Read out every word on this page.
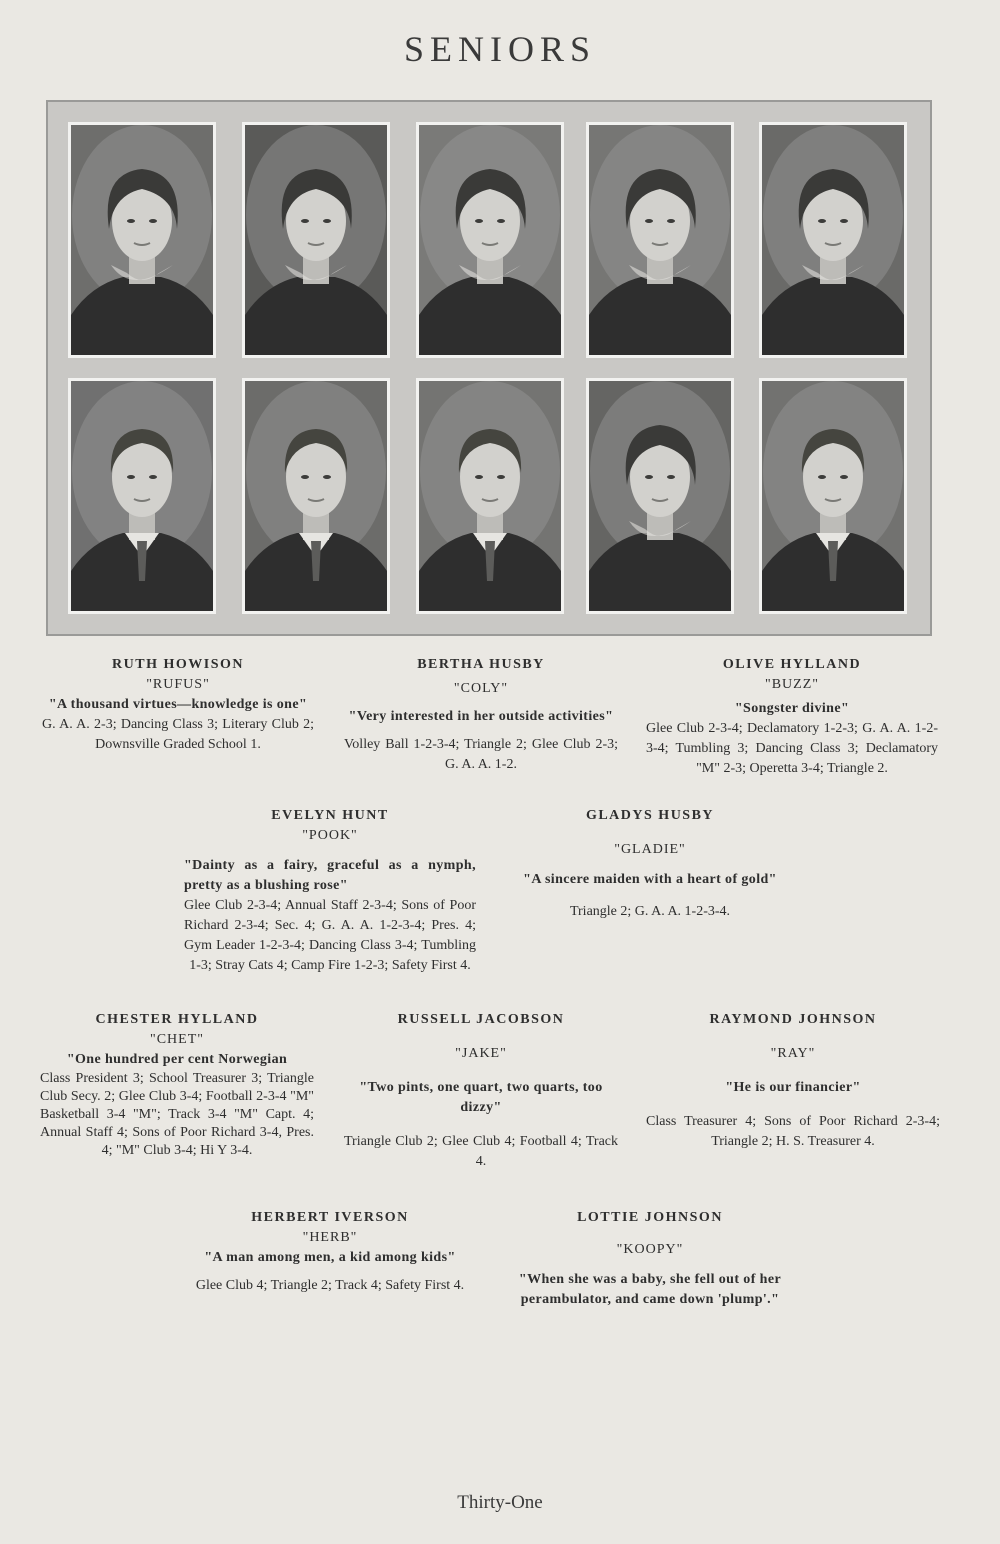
SENIORS
RUTH HOWISON
"RUFUS"
"A thousand virtues—knowledge is one"
G. A. A. 2-3; Dancing Class 3; Literary Club 2; Downsville Graded School 1.
BERTHA HUSBY
"COLY"
"Very interested in her outside activities"
Volley Ball 1-2-3-4; Triangle 2; Glee Club 2-3; G. A. A. 1-2.
OLIVE HYLLAND
"BUZZ"
"Songster divine"
Glee Club 2-3-4; Declamatory 1-2-3; G. A. A. 1-2-3-4; Tumbling 3; Dancing Class 3; Declamatory "M" 2-3; Operetta 3-4; Triangle 2.
EVELYN HUNT
"POOK"
"Dainty as a fairy, graceful as a nymph, pretty as a blushing rose"
Glee Club 2-3-4; Annual Staff 2-3-4; Sons of Poor Richard 2-3-4; Sec. 4; G. A. A. 1-2-3-4; Pres. 4; Gym Leader 1-2-3-4; Dancing Class 3-4; Tumbling 1-3; Stray Cats 4; Camp Fire 1-2-3; Safety First 4.
GLADYS HUSBY
"GLADIE"
"A sincere maiden with a heart of gold"
Triangle 2; G. A. A. 1-2-3-4.
CHESTER HYLLAND
"CHET"
"One hundred per cent Norwegian
Class President 3; School Treasurer 3; Triangle Club Secy. 2; Glee Club 3-4; Football 2-3-4 "M" Basketball 3-4 "M"; Track 3-4 "M" Capt. 4; Annual Staff 4; Sons of Poor Richard 3-4, Pres. 4; "M" Club 3-4; Hi Y 3-4.
RUSSELL JACOBSON
"JAKE"
"Two pints, one quart, two quarts, too dizzy"
Triangle Club 2; Glee Club 4; Football 4; Track 4.
RAYMOND JOHNSON
"RAY"
"He is our financier"
Class Treasurer 4; Sons of Poor Richard 2-3-4; Triangle 2; H. S. Treasurer 4.
HERBERT IVERSON
"HERB"
"A man among men, a kid among kids"
Glee Club 4; Triangle 2; Track 4; Safety First 4.
LOTTIE JOHNSON
"KOOPY"
"When she was a baby, she fell out of her perambulator, and came down 'plump'."
Thirty-One
